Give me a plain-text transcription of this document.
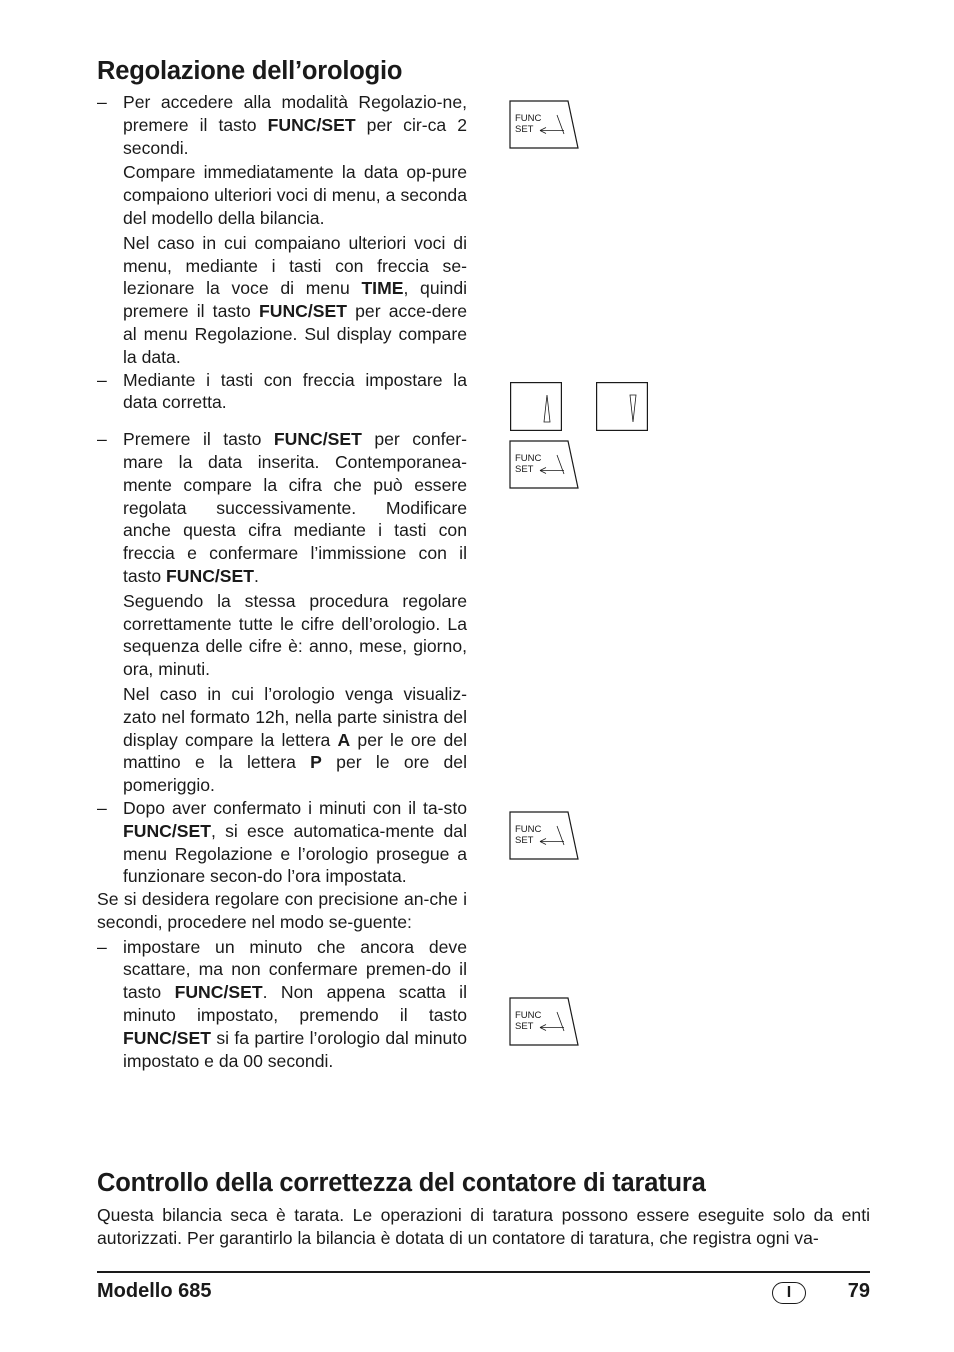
Regolazione dell’orologio
– Per accedere alla modalità Regolazio-ne, premere il tasto FUNC/SET per cir-ca 2 secondi.

Compare immediatamente la data op-pure compaiono ulteriori voci di menu, a seconda del modello della bilancia.

Nel caso in cui compaiano ulteriori voci di menu, mediante i tasti con freccia se-lezionare la voce di menu TIME, quindi premere il tasto FUNC/SET per acce-dere al menu Regolazione. Sul display compare la data.

– Mediante i tasti con freccia impostare la data corretta.

– Premere il tasto FUNC/SET per confer-mare la data inserita. Contemporanea-mente compare la cifra che può essere regolata successivamente. Modificare anche questa cifra mediante i tasti con freccia e confermare l’immissione con il tasto FUNC/SET.

Seguendo la stessa procedura regolare correttamente tutte le cifre dell’orologio. La sequenza delle cifre è: anno, mese, giorno, ora, minuti.

Nel caso in cui l’orologio venga visualiz-zato nel formato 12h, nella parte sinistra del display compare la lettera A per le ore del mattino e la lettera P per le ore del pomeriggio.

– Dopo aver confermato i minuti con il ta-sto FUNC/SET, si esce automatica-mente dal menu Regolazione e l’orologio prosegue a funzionare secon-do l’ora impostata.

Se si desidera regolare con precisione an-che i secondi, procedere nel modo se-guente:

– impostare un minuto che ancora deve scattare, ma non confermare premen-do il tasto FUNC/SET. Non appena scatta il minuto impostato, premendo il tasto FUNC/SET si fa partire l’orologio dal minuto impostato e da 00 secondi.

FUNC
SET
FUNC
SET
FUNC
SET
FUNC
SET
Controllo della correttezza del contatore di taratura

Questa bilancia seca è tarata. Le operazioni di taratura possono essere eseguite solo da enti autorizzati. Per garantirlo la bilancia è dotata di un contatore di taratura, che registra ogni va-

Modello 685	I	79
